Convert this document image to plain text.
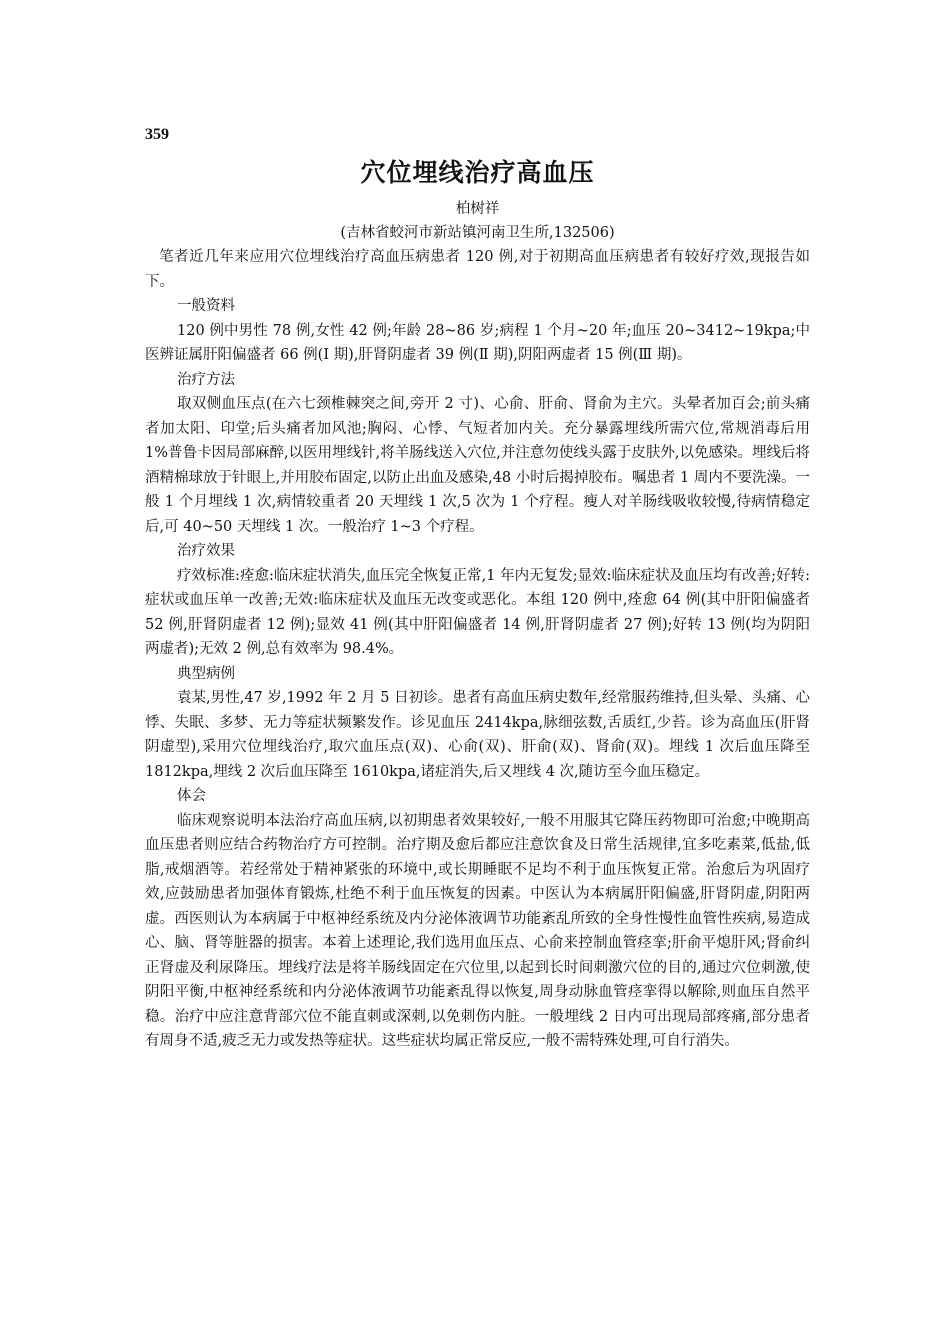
359
穴位埋线治疗高血压

柏树祥

(吉林省蛟河市新站镇河南卫生所,132506)

笔者近几年来应用穴位埋线治疗高血压病患者 120 例,对于初期高血压病患者有较好疗效,现报告如下。

一般资料

120 例中男性 78 例,女性 42 例;年龄 28~86 岁;病程 1 个月~20 年;血压 20~3412~19kpa;中医辨证属肝阳偏盛者 66 例(Ⅰ 期),肝肾阴虚者 39 例(Ⅱ 期),阴阳两虚者 15 例(Ⅲ 期)。

治疗方法

取双侧血压点(在六七颈椎棘突之间,旁开 2 寸)、心俞、肝俞、肾俞为主穴。头晕者加百会;前头痛者加太阳、印堂;后头痛者加风池;胸闷、心悸、气短者加内关。充分暴露埋线所需穴位,常规消毒后用 1%普鲁卡因局部麻醉,以医用埋线针,将羊肠线送入穴位,并注意勿使线头露于皮肤外,以免感染。埋线后将酒精棉球放于针眼上,并用胶布固定,以防止出血及感染,48 小时后揭掉胶布。嘱患者 1 周内不要洗澡。一般 1 个月埋线 1 次,病情较重者 20 天埋线 1 次,5 次为 1 个疗程。瘦人对羊肠线吸收较慢,待病情稳定后,可 40~50 天埋线 1 次。一般治疗 1~3 个疗程。

治疗效果

疗效标准:痊愈:临床症状消失,血压完全恢复正常,1 年内无复发;显效:临床症状及血压均有改善;好转:症状或血压单一改善;无效:临床症状及血压无改变或恶化。本组 120 例中,痊愈 64 例(其中肝阳偏盛者 52 例,肝肾阴虚者 12 例);显效 41 例(其中肝阳偏盛者 14 例,肝肾阴虚者 27 例);好转 13 例(均为阴阳两虚者);无效 2 例,总有效率为 98.4%。

典型病例

袁某,男性,47 岁,1992 年 2 月 5 日初诊。患者有高血压病史数年,经常服药维持,但头晕、头痛、心悸、失眠、多梦、无力等症状频繁发作。诊见血压 2414kpa,脉细弦数,舌质红,少苔。诊为高血压(肝肾阴虚型),采用穴位埋线治疗,取穴血压点(双)、心俞(双)、肝俞(双)、肾俞(双)。埋线 1 次后血压降至 1812kpa,埋线 2 次后血压降至 1610kpa,诸症消失,后又埋线 4 次,随访至今血压稳定。

体会

临床观察说明本法治疗高血压病,以初期患者效果较好,一般不用服其它降压药物即可治愈;中晚期高血压患者则应结合药物治疗方可控制。治疗期及愈后都应注意饮食及日常生活规律,宜多吃素菜,低盐,低脂,戒烟酒等。若经常处于精神紧张的环境中,或长期睡眠不足均不利于血压恢复正常。治愈后为巩固疗效,应鼓励患者加强体育锻炼,杜绝不利于血压恢复的因素。中医认为本病属肝阳偏盛,肝肾阴虚,阴阳两虚。西医则认为本病属于中枢神经系统及内分泌体液调节功能紊乱所致的全身性慢性血管性疾病,易造成心、脑、肾等脏器的损害。本着上述理论,我们选用血压点、心俞来控制血管痉挛;肝俞平熄肝风;肾俞纠正肾虚及利尿降压。埋线疗法是将羊肠线固定在穴位里,以起到长时间刺激穴位的目的,通过穴位刺激,使阴阳平衡,中枢神经系统和内分泌体液调节功能紊乱得以恢复,周身动脉血管痉挛得以解除,则血压自然平稳。治疗中应注意背部穴位不能直刺或深刺,以免刺伤内脏。一般埋线 2 日内可出现局部疼痛,部分患者有周身不适,疲乏无力或发热等症状。这些症状均属正常反应,一般不需特殊处理,可自行消失。
